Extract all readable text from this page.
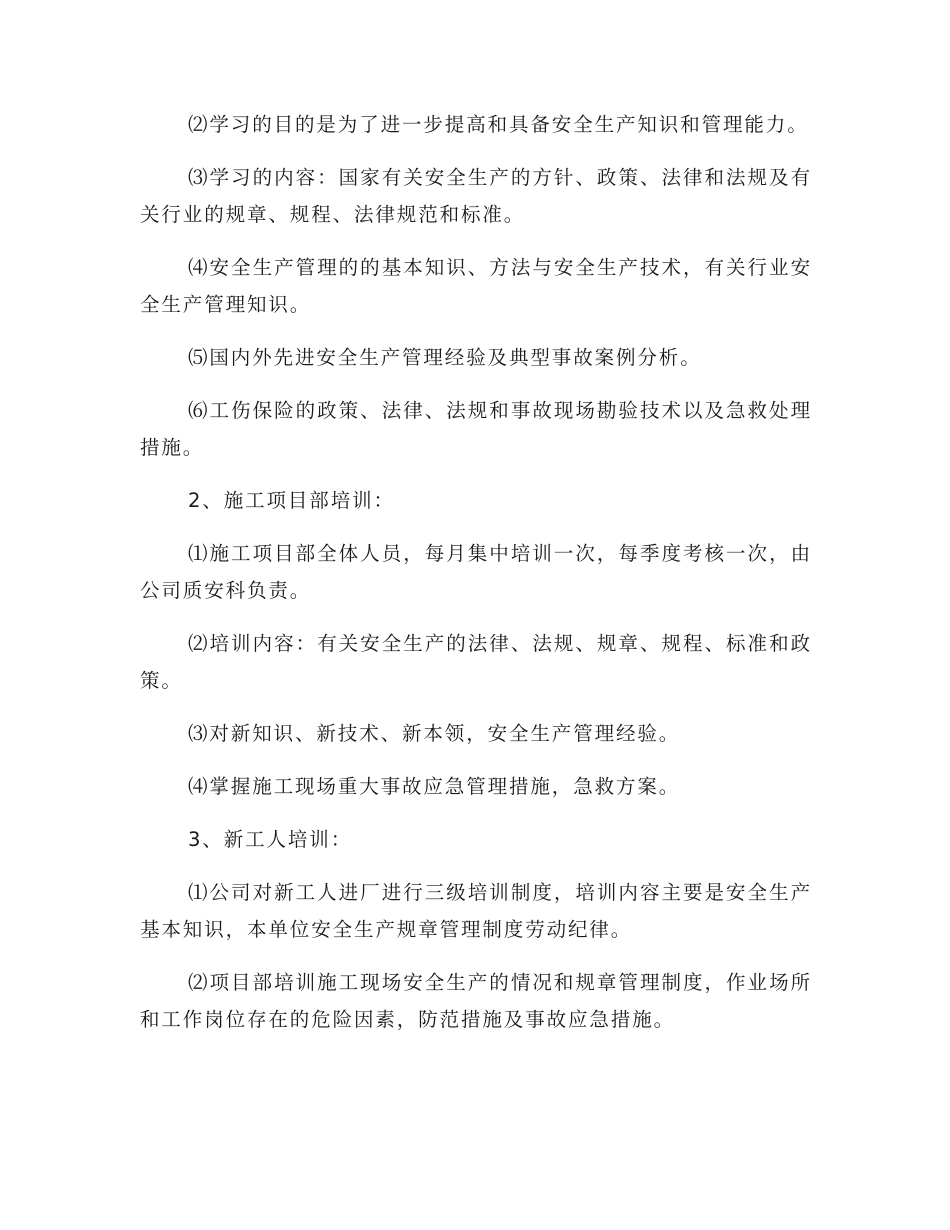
⑵学习的目的是为了进一步提高和具备安全生产知识和管理能力。

⑶学习的内容：国家有关安全生产的方针、政策、法律和法规及有关行业的规章、规程、法律规范和标准。

⑷安全生产管理的的基本知识、方法与安全生产技术，有关行业安全生产管理知识。

⑸国内外先进安全生产管理经验及典型事故案例分析。

⑹工伤保险的政策、法律、法规和事故现场勘验技术以及急救处理措施。

2、施工项目部培训：

⑴施工项目部全体人员，每月集中培训一次，每季度考核一次，由公司质安科负责。

⑵培训内容：有关安全生产的法律、法规、规章、规程、标准和政策。

⑶对新知识、新技术、新本领，安全生产管理经验。

⑷掌握施工现场重大事故应急管理措施，急救方案。

3、新工人培训：

⑴公司对新工人进厂进行三级培训制度，培训内容主要是安全生产基本知识，本单位安全生产规章管理制度劳动纪律。

⑵项目部培训施工现场安全生产的情况和规章管理制度，作业场所和工作岗位存在的危险因素，防范措施及事故应急措施。
